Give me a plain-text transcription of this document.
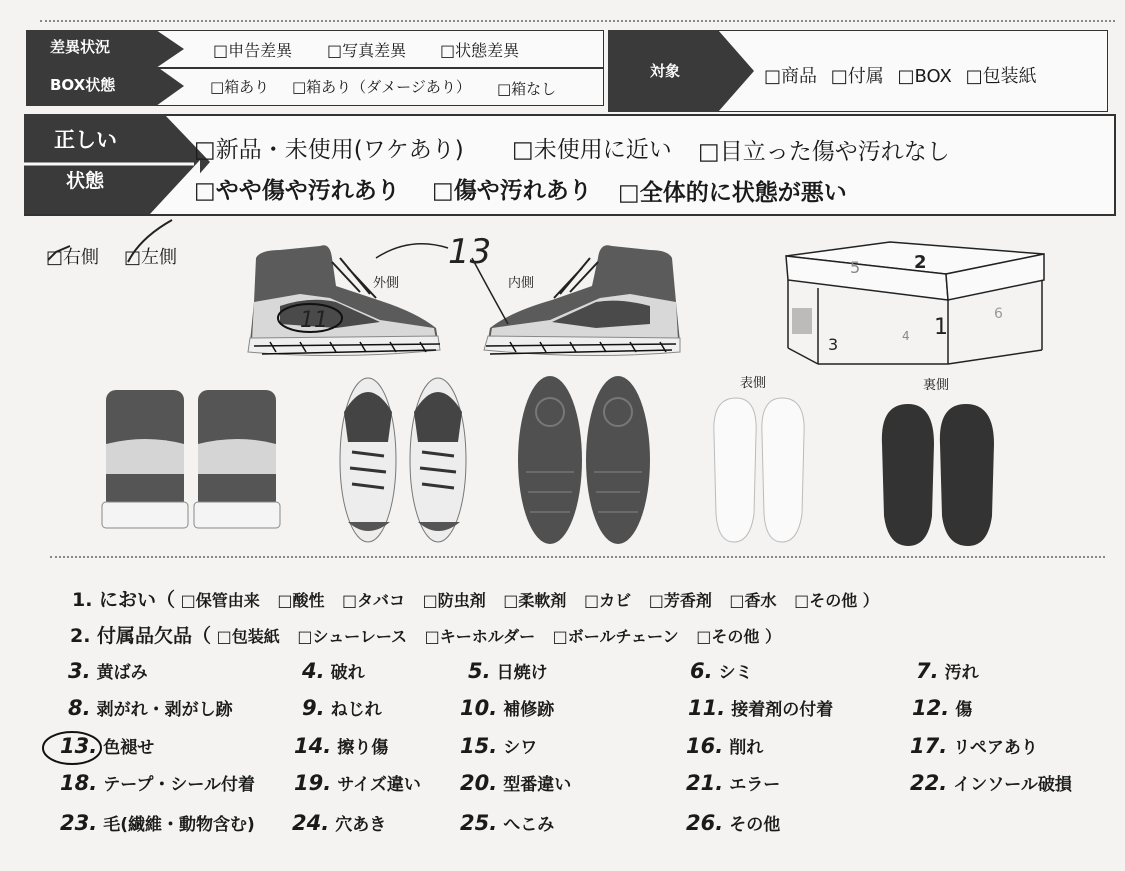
差異状況	□申告差異 □写真差異 □状態差異
BOX状態	□箱あり □箱あり（ダメージあり） □箱なし
対象	□商品 □付属 □BOX □包装紙
正しい
状態
□新品・未使用(ワケあり) □未使用に近い □目立った傷や汚れなし
□やや傷や汚れあり □傷や汚れあり □全体的に状態が悪い
□右側 □左側
外側	内側
13
11
5	2
1
3	4
6
表側	裏側
1. におい（ □保管由来 □酸性 □タバコ □防虫剤 □柔軟剤 □カビ □芳香剤 □香水 □その他 ）
2. 付属品欠品（ □包装紙 □シューレース □キーホルダー □ボールチェーン □その他 ）
3. 黄ばみ	4. 破れ	5. 日焼け	6. シミ	7. 汚れ
8. 剥がれ・剥がし跡	9. ねじれ	10. 補修跡	11. 接着剤の付着	12. 傷
13. 色褪せ	14. 擦り傷	15. シワ	16. 削れ	17. リペアあり
18. テープ・シール付着 19. サイズ違い 20. 型番違い	21. エラー	22. インソール破損
23. 毛(繊維・動物含む) 24. 穴あき	25. へこみ	26. その他
